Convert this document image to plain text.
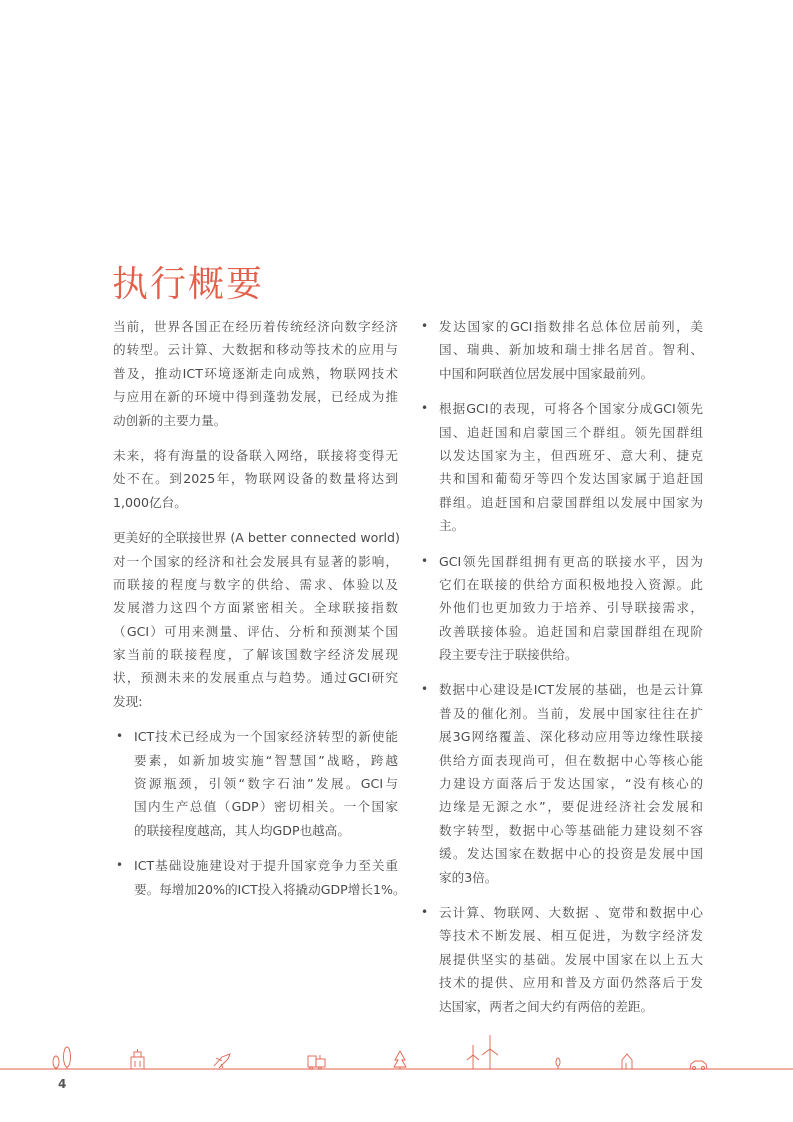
执行概要
当前，世界各国正在经历着传统经济向数字经济
的转型。云计算、大数据和移动等技术的应用与
普及，推动ICT环境逐渐走向成熟，物联网技术
与应用在新的环境中得到蓬勃发展，已经成为推
动创新的主要力量。
未来，将有海量的设备联入网络，联接将变得无
处不在。到2025年，物联网设备的数量将达到
1,000亿台。
更美好的全联接世界 (A better connected world)
对一个国家的经济和社会发展具有显著的影响，
而联接的程度与数字的供给、需求、体验以及
发展潜力这四个方面紧密相关。全球联接指数
（GCI）可用来测量、评估、分析和预测某个国
家当前的联接程度，了解该国数字经济发展现
状，预测未来的发展重点与趋势。通过GCI研究
发现:
• ICT技术已经成为一个国家经济转型的新使能
要素，如新加坡实施“智慧国”战略，跨越
资源瓶颈，引领“数字石油”发展。GCI与
国内生产总值（GDP）密切相关。一个国家
的联接程度越高，其人均GDP也越高。
• ICT基础设施建设对于提升国家竞争力至关重
要。每增加20%的ICT投入将撬动GDP增长1%。
• 发达国家的GCI指数排名总体位居前列，美
国、瑞典、新加坡和瑞士排名居首。智利、
中国和阿联酋位居发展中国家最前列。
• 根据GCI的表现，可将各个国家分成GCI领先
国、追赶国和启蒙国三个群组。领先国群组
以发达国家为主，但西班牙、意大利、捷克
共和国和葡萄牙等四个发达国家属于追赶国
群组。追赶国和启蒙国群组以发展中国家为
主。
• GCI领先国群组拥有更高的联接水平，因为
它们在联接的供给方面积极地投入资源。此
外他们也更加致力于培养、引导联接需求，
改善联接体验。追赶国和启蒙国群组在现阶
段主要专注于联接供给。
• 数据中心建设是ICT发展的基础，也是云计算
普及的催化剂。当前，发展中国家往往在扩
展3G网络覆盖、深化移动应用等边缘性联接
供给方面表现尚可，但在数据中心等核心能
力建设方面落后于发达国家，“没有核心的
边缘是无源之水”，要促进经济社会发展和
数字转型，数据中心等基础能力建设刻不容
缓。发达国家在数据中心的投资是发展中国
家的3倍。
• 云计算、物联网、大数据 、宽带和数据中心
等技术不断发展、相互促进，为数字经济发
展提供坚实的基础。发展中国家在以上五大
技术的提供、应用和普及方面仍然落后于发
达国家，两者之间大约有两倍的差距。
4
